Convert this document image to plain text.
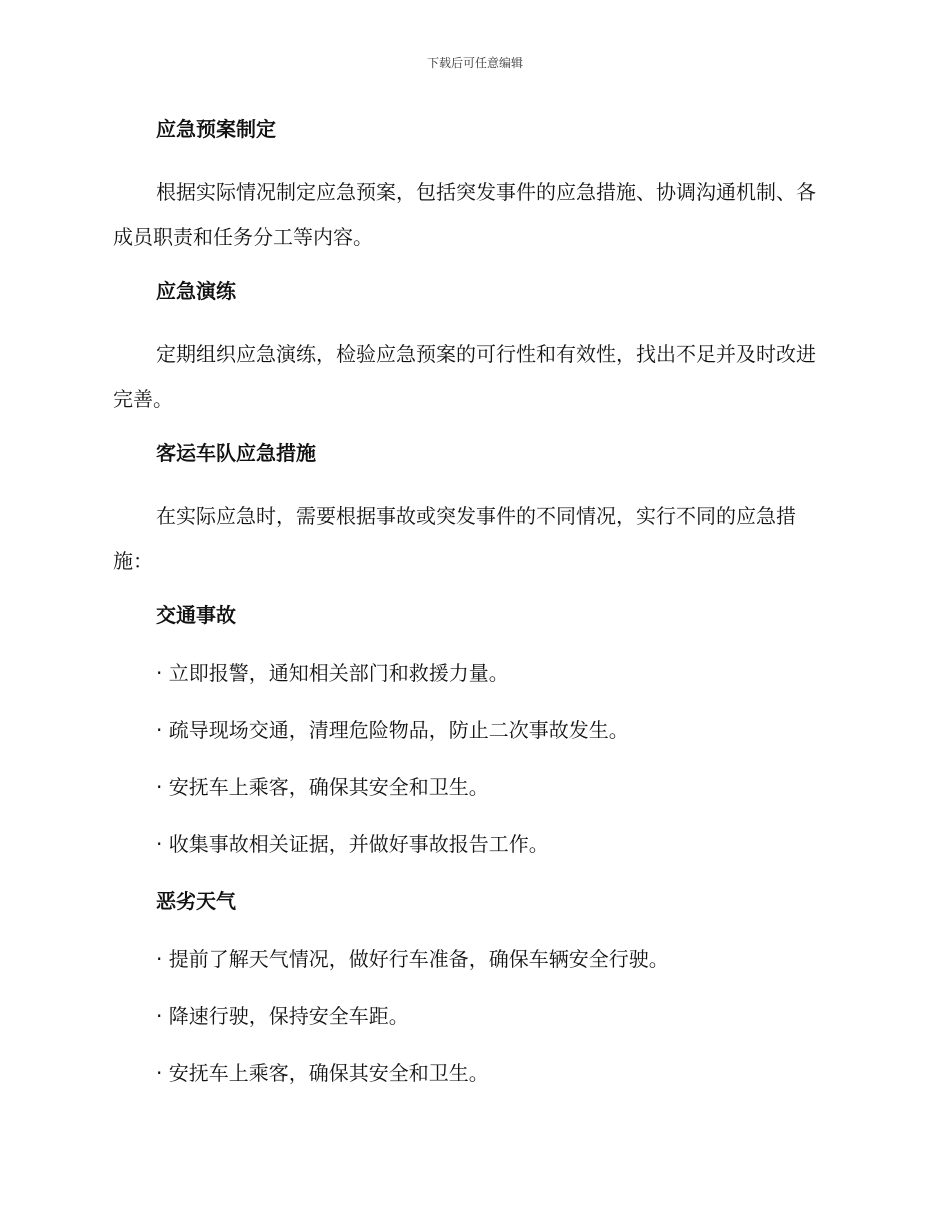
下载后可任意编辑
应急预案制定

根据实际情况制定应急预案，包括突发事件的应急措施、协调沟通机制、各成员职责和任务分工等内容。

应急演练

定期组织应急演练，检验应急预案的可行性和有效性，找出不足并及时改进完善。

客运车队应急措施

在实际应急时，需要根据事故或突发事件的不同情况，实行不同的应急措施：

交通事故

· 立即报警，通知相关部门和救援力量。

· 疏导现场交通，清理危险物品，防止二次事故发生。

· 安抚车上乘客，确保其安全和卫生。

· 收集事故相关证据，并做好事故报告工作。

恶劣天气

· 提前了解天气情况，做好行车准备，确保车辆安全行驶。

· 降速行驶，保持安全车距。

· 安抚车上乘客，确保其安全和卫生。
